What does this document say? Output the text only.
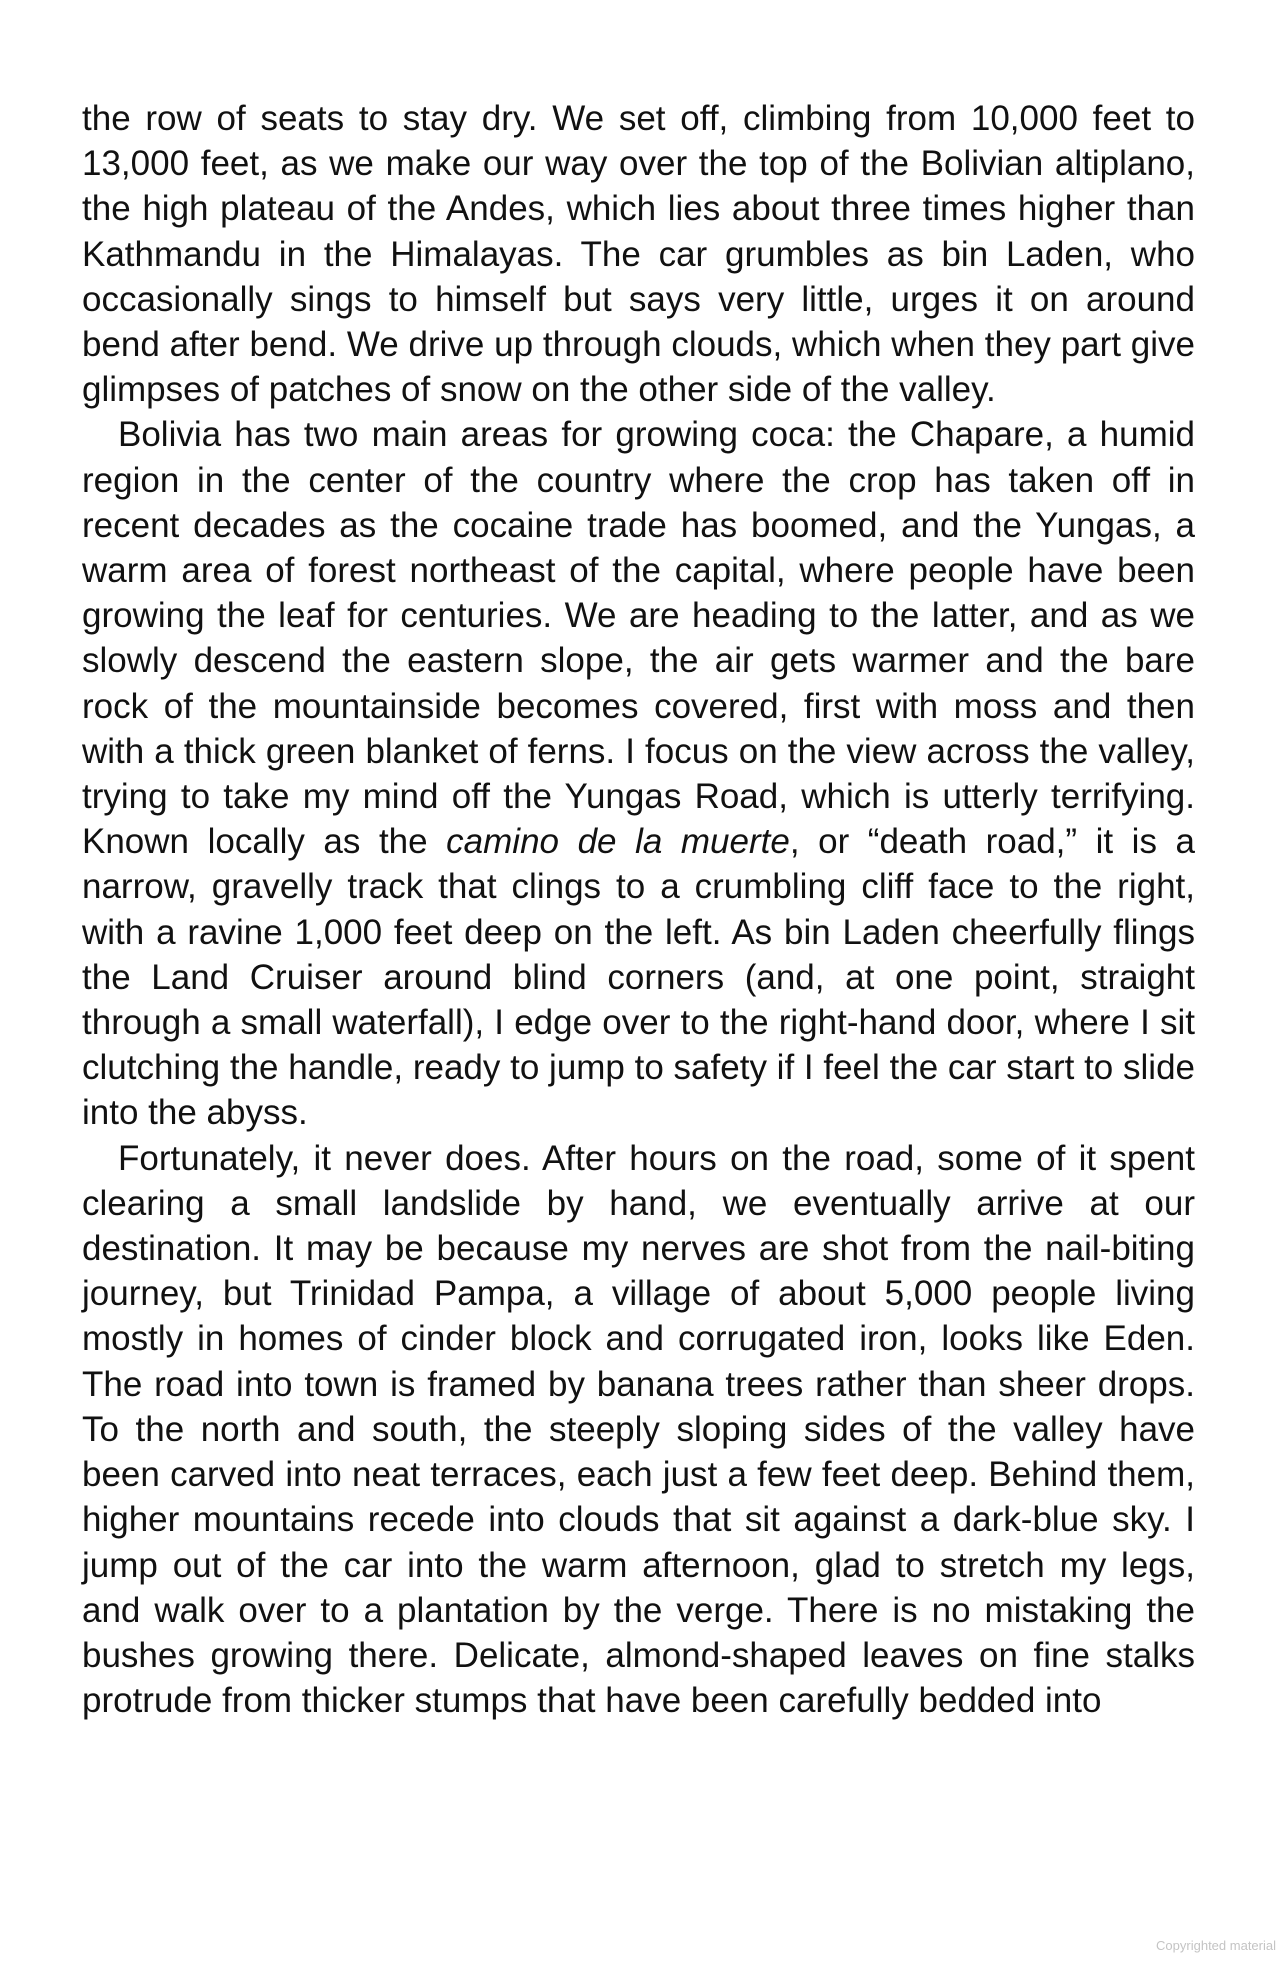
the row of seats to stay dry. We set off, climbing from 10,000 feet to 13,000 feet, as we make our way over the top of the Bolivian altiplano, the high plateau of the Andes, which lies about three times higher than Kathmandu in the Himalayas. The car grumbles as bin Laden, who occasionally sings to himself but says very little, urges it on around bend after bend. We drive up through clouds, which when they part give glimpses of patches of snow on the other side of the valley.

Bolivia has two main areas for growing coca: the Chapare, a humid region in the center of the country where the crop has taken off in recent decades as the cocaine trade has boomed, and the Yungas, a warm area of forest northeast of the capital, where people have been growing the leaf for centuries. We are heading to the latter, and as we slowly descend the eastern slope, the air gets warmer and the bare rock of the mountainside becomes covered, first with moss and then with a thick green blanket of ferns. I focus on the view across the valley, trying to take my mind off the Yungas Road, which is utterly terrifying. Known locally as the camino de la muerte, or “death road,” it is a narrow, gravelly track that clings to a crumbling cliff face to the right, with a ravine 1,000 feet deep on the left. As bin Laden cheerfully flings the Land Cruiser around blind corners (and, at one point, straight through a small waterfall), I edge over to the right-hand door, where I sit clutching the handle, ready to jump to safety if I feel the car start to slide into the abyss.

Fortunately, it never does. After hours on the road, some of it spent clearing a small landslide by hand, we eventually arrive at our destination. It may be because my nerves are shot from the nail-biting journey, but Trinidad Pampa, a village of about 5,000 people living mostly in homes of cinder block and corrugated iron, looks like Eden. The road into town is framed by banana trees rather than sheer drops. To the north and south, the steeply sloping sides of the valley have been carved into neat terraces, each just a few feet deep. Behind them, higher mountains recede into clouds that sit against a dark-blue sky. I jump out of the car into the warm afternoon, glad to stretch my legs, and walk over to a plantation by the verge. There is no mistaking the bushes growing there. Delicate, almond-shaped leaves on fine stalks protrude from thicker stumps that have been carefully bedded into

Copyrighted material
